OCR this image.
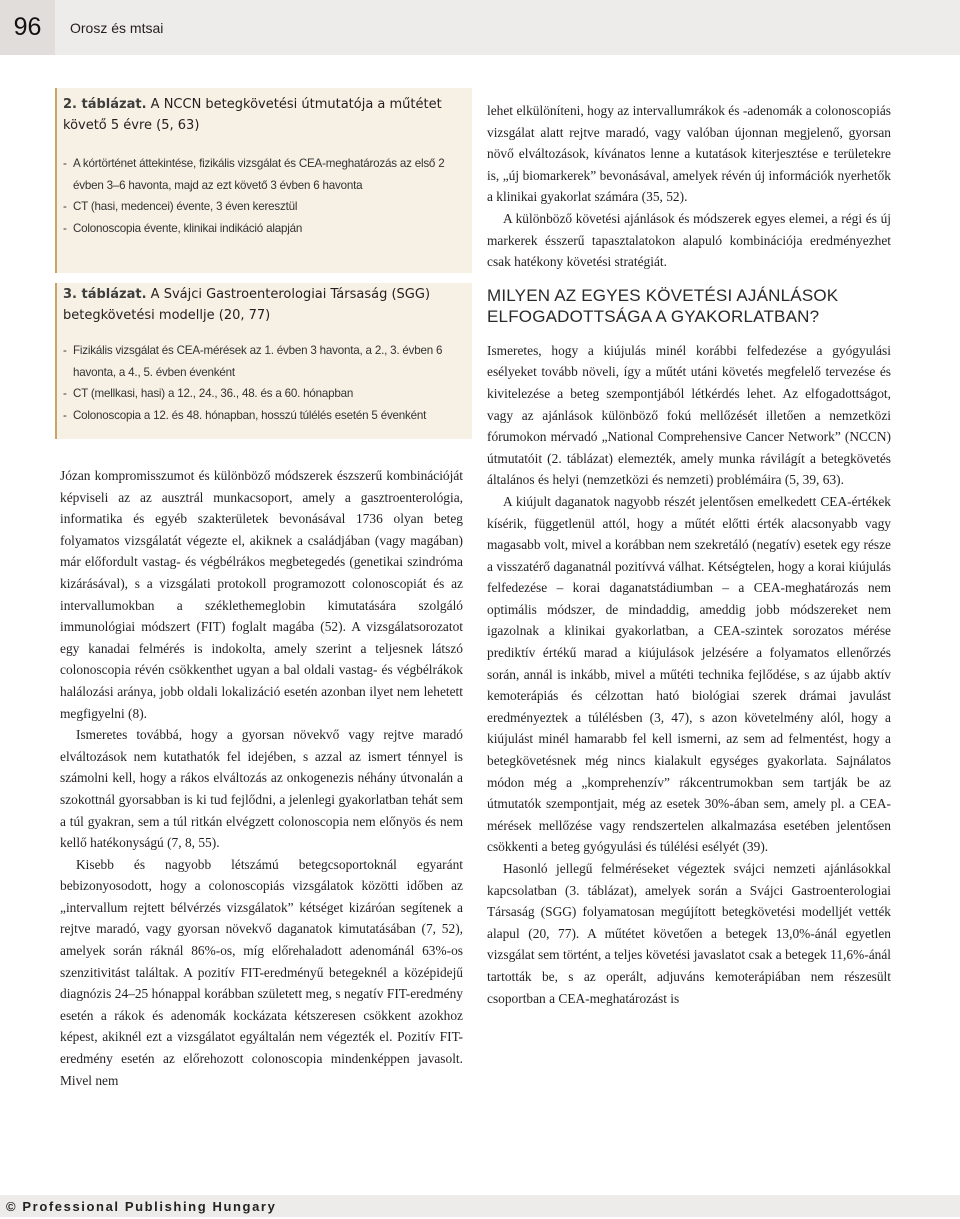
96	Orosz és mtsai
2. táblázat. A NCCN betegkövetési útmutatója a műtétet követő 5 évre (5, 63)
- A kórtörténet áttekintése, fizikális vizsgálat és CEA-meghatározás az első 2 évben 3–6 havonta, majd az ezt követő 3 évben 6 havonta
- CT (hasi, medencei) évente, 3 éven keresztül
- Colonoscopia évente, klinikai indikáció alapján
3. táblázat. A Svájci Gastroenterologiai Társaság (SGG) betegkövetési modellje (20, 77)
- Fizikális vizsgálat és CEA-mérések az 1. évben 3 havonta, a 2., 3. évben 6 havonta, a 4., 5. évben évenként
- CT (mellkasi, hasi) a 12., 24., 36., 48. és a 60. hónapban
- Colonoscopia a 12. és 48. hónapban, hosszú túlélés esetén 5 évenként

Józan kompromisszumot és különböző módszerek észszerű kombinációját képviseli az az ausztrál munkacsoport, amely a gasztroenterológia, informatika és egyéb szakterületek bevonásával 1736 olyan beteg folyamatos vizsgálatát végezte el, akiknek a családjában (vagy magában) már előfordult vastag- és végbélrákos megbetegedés (genetikai szindróma kizárásával), s a vizsgálati protokoll programozott colonoscopiát és az intervallumokban a széklethemeglobin kimutatására szolgáló immunológiai módszert (FIT) foglalt magába (52). A vizsgálatsorozatot egy kanadai felmérés is indokolta, amely szerint a teljesnek látszó colonoscopia révén csökkenthet ugyan a bal oldali vastag- és végbélrákok halálozási aránya, jobb oldali lokalizáció esetén azonban ilyet nem lehetett megfigyelni (8).

Ismeretes továbbá, hogy a gyorsan növekvő vagy rejtve maradó elváltozások nem kutathatók fel idejében, s azzal az ismert ténnyel is számolni kell, hogy a rákos elváltozás az onkogenezis néhány útvonalán a szokottnál gyorsabban is ki tud fejlődni, a jelenlegi gyakorlatban tehát sem a túl gyakran, sem a túl ritkán elvégzett colonoscopia nem előnyös és nem kellő hatékonyságú (7, 8, 55).

Kisebb és nagyobb létszámú betegcsoportoknál egyaránt bebizonyosodott, hogy a colonoscopiás vizsgálatok közötti időben az „intervallum rejtett bélvérzés vizsgálatok” kétséget kizáróan segítenek a rejtve maradó, vagy gyorsan növekvő daganatok kimutatásában (7, 52), amelyek során ráknál 86%-os, míg előrehaladott adenománál 63%-os szenzitivitást találtak. A pozitív FIT-eredményű betegeknél a középidejű diagnózis 24–25 hónappal korábban született meg, s negatív FIT-eredmény esetén a rákok és adenomák kockázata kétszeresen csökkent azokhoz képest, akiknél ezt a vizsgálatot egyáltalán nem végezték el. Pozitív FIT-eredmény esetén az előrehozott colonoscopia mindenképpen javasolt. Mivel nem

lehet elkülöníteni, hogy az intervallumrákok és -adenomák a colonoscopiás vizsgálat alatt rejtve maradó, vagy valóban újonnan megjelenő, gyorsan növő elváltozások, kívánatos lenne a kutatások kiterjesztése e területekre is, „új biomarkerek” bevonásával, amelyek révén új információk nyerhetők a klinikai gyakorlat számára (35, 52).

A különböző követési ajánlások és módszerek egyes elemei, a régi és új markerek ésszerű tapasztalatokon alapuló kombinációja eredményezhet csak hatékony követési stratégiát.

MILYEN AZ EGYES KÖVETÉSI AJÁNLÁSOK ELFOGADOTTSÁGA A GYAKORLATBAN?

Ismeretes, hogy a kiújulás minél korábbi felfedezése a gyógyulási esélyeket tovább növeli, így a műtét utáni követés megfelelő tervezése és kivitelezése a beteg szempontjából létkérdés lehet. Az elfogadottságot, vagy az ajánlások különböző fokú mellőzését illetően a nemzetközi fórumokon mérvadó „National Comprehensive Cancer Network” (NCCN) útmutatóit (2. táblázat) elemezték, amely munka rávilágít a betegkövetés általános és helyi (nemzetközi és nemzeti) problémáira (5, 39, 63).

A kiújult daganatok nagyobb részét jelentősen emelkedett CEA-értékek kísérik, függetlenül attól, hogy a műtét előtti érték alacsonyabb vagy magasabb volt, mivel a korábban nem szekretáló (negatív) esetek egy része a visszatérő daganatnál pozitívvá válhat. Kétségtelen, hogy a korai kiújulás felfedezése – korai daganatstádiumban – a CEA-meghatározás nem optimális módszer, de mindaddig, ameddig jobb módszereket nem igazolnak a klinikai gyakorlatban, a CEA-szintek sorozatos mérése prediktív értékű marad a kiújulások jelzésére a folyamatos ellenőrzés során, annál is inkább, mivel a műtéti technika fejlődése, s az újabb aktív kemoterápiás és célzottan ható biológiai szerek drámai javulást eredményeztek a túlélésben (3, 47), s azon követelmény alól, hogy a kiújulást minél hamarabb fel kell ismerni, az sem ad felmentést, hogy a betegkövetésnek még nincs kialakult egységes gyakorlata. Sajnálatos módon még a „komprehenzív” rákcentrumokban sem tartják be az útmutatók szempontjait, még az esetek 30%-ában sem, amely pl. a CEA-mérések mellőzése vagy rendszertelen alkalmazása esetében jelentősen csökkenti a beteg gyógyulási és túlélési esélyét (39).

Hasonló jellegű felméréseket végeztek svájci nemzeti ajánlásokkal kapcsolatban (3. táblázat), amelyek során a Svájci Gastroenterologiai Társaság (SGG) folyamatosan megújított betegkövetési modelljét vették alapul (20, 77). A műtétet követően a betegek 13,0%-ánál egyetlen vizsgálat sem történt, a teljes követési javaslatot csak a betegek 11,6%-ánál tartották be, s az operált, adjuváns kemoterápiában nem részesült csoportban a CEA-meghatározást is

© Professional Publishing Hungary
